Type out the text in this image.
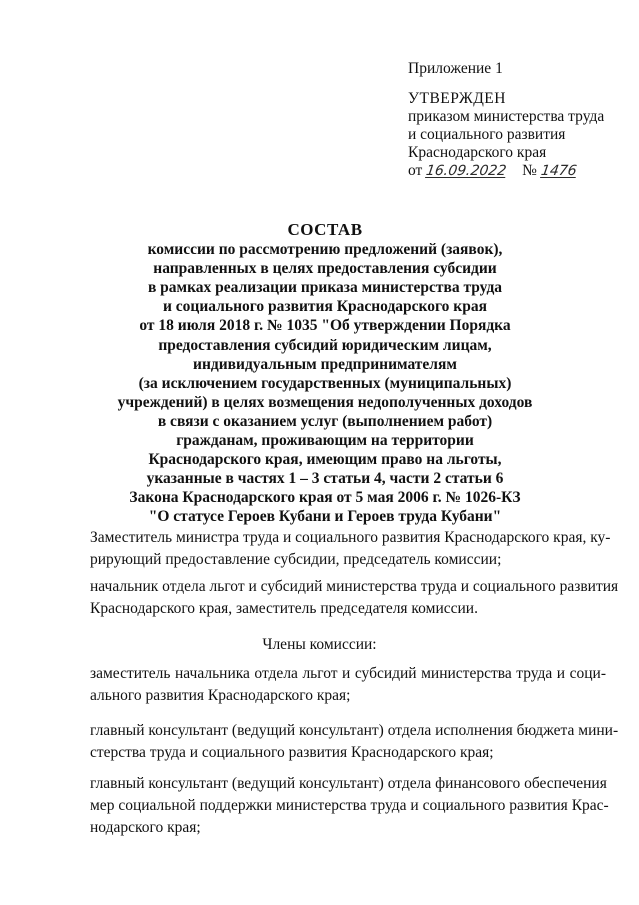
Приложение 1
УТВЕРЖДЕН
приказом министерства труда
и социального развития
Краснодарского края
от 16.09.2022 № 1476
СОСТАВ
комиссии по рассмотрению предложений (заявок),
направленных в целях предоставления субсидии
в рамках реализации приказа министерства труда
и социального развития Краснодарского края
от 18 июля 2018 г. № 1035 "Об утверждении Порядка
предоставления субсидий юридическим лицам,
индивидуальным предпринимателям
(за исключением государственных (муниципальных)
учреждений) в целях возмещения недополученных доходов
в связи с оказанием услуг (выполнением работ)
гражданам, проживающим на территории
Краснодарского края, имеющим право на льготы,
указанные в частях 1 – 3 статьи 4, части 2 статьи 6
Закона Краснодарского края от 5 мая 2006 г. № 1026-КЗ
"О статусе Героев Кубани и Героев труда Кубани"
Заместитель министра труда и социального развития Краснодарского края, ку-
рирующий предоставление субсидии, председатель комиссии;
начальник отдела льгот и субсидий министерства труда и социального развития
Краснодарского края, заместитель председателя комиссии.
Члены комиссии:
заместитель начальника отдела льгот и субсидий министерства труда и соци-
ального развития Краснодарского края;
главный консультант (ведущий консультант) отдела исполнения бюджета мини-
стерства труда и социального развития Краснодарского края;
главный консультант (ведущий консультант) отдела финансового обеспечения
мер социальной поддержки министерства труда и социального развития Крас-
нодарского края;
